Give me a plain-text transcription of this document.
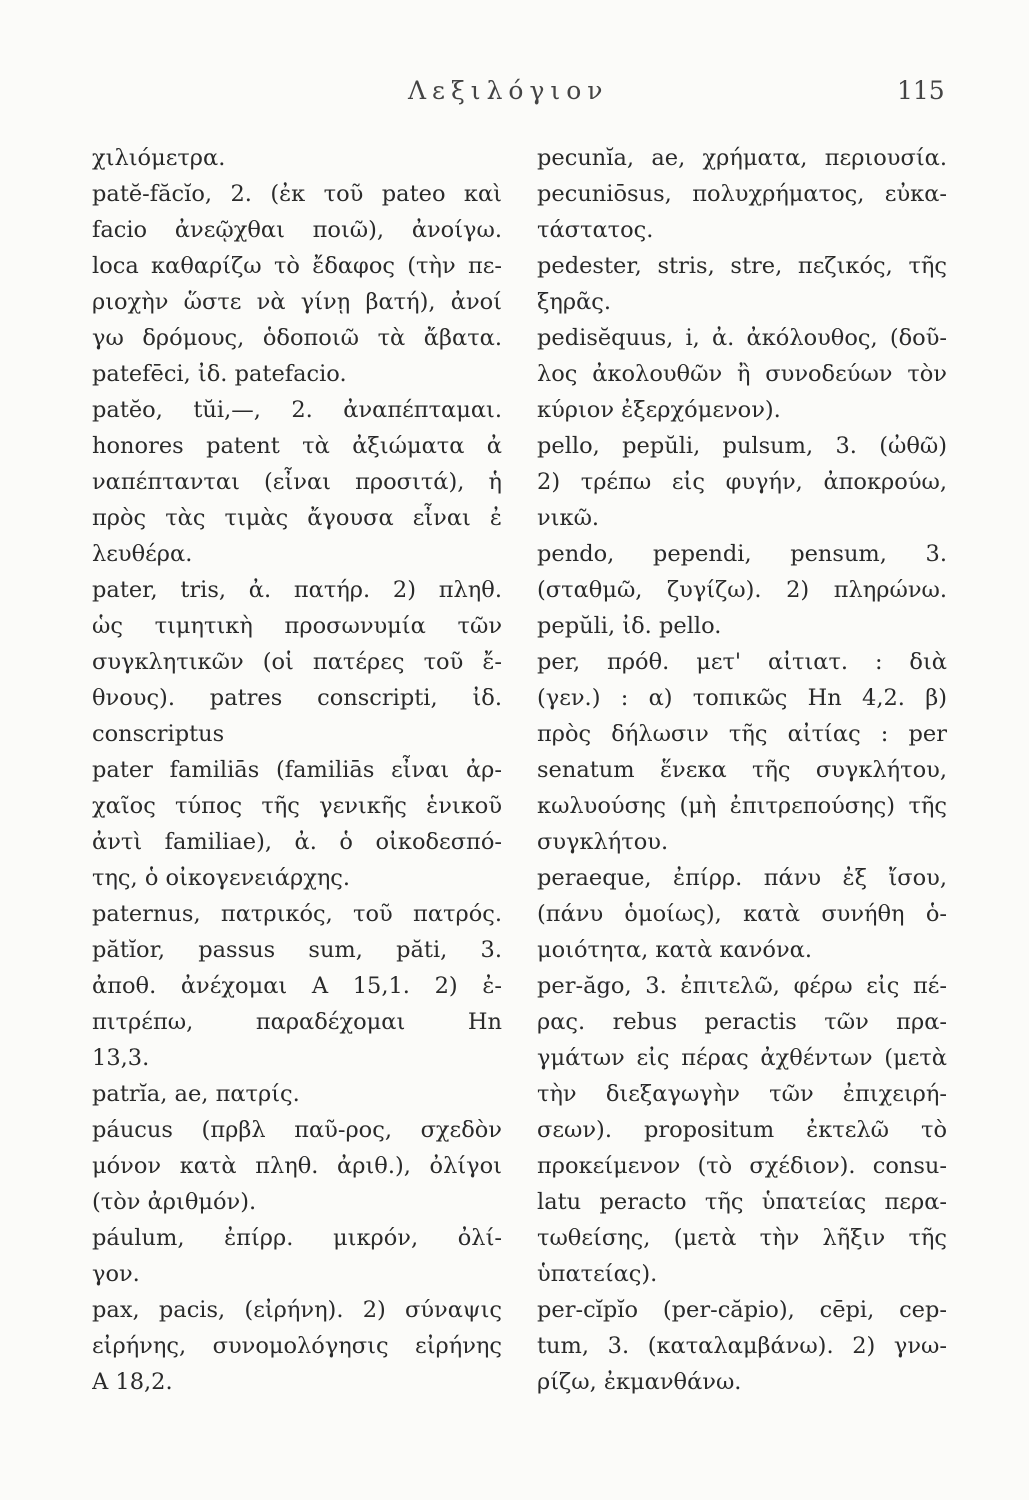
Λεξιλόγιον	115
χιλιόμετρα.
patĕ-făcĭo, 2. (ἐκ τοῦ pateo καὶ
facio ἀνεῷχθαι ποιῶ), ἀνοίγω.
loca καθαρίζω τὸ ἔδαφος (τὴν πε-
ριοχὴν ὥστε νὰ γίνῃ βατή), ἀνοί
γω δρόμους, ὁδοποιῶ τὰ ἄβατα.
patefēci, ἰδ. patefacio.
patĕo, tŭi,—, 2. ἀναπέπταμαι.
honores patent τὰ ἀξιώματα ἀ
ναπέπτανται (εἶναι προσιτά), ἡ
πρὸς τὰς τιμὰς ἄγουσα εἶναι ἐ
λευθέρα.
pater, tris, ἀ. πατήρ. 2) πληθ.
ὡς τιμητικὴ προσωνυμία τῶν
συγκλητικῶν (οἱ πατέρες τοῦ ἔ-
θνους). patres conscripti, ἰδ.
conscriptus
pater familiās (familiās εἶναι ἀρ-
χαῖος τύπος τῆς γενικῆς ἑνικοῦ
ἀντὶ familiae), ἀ. ὁ οἰκοδεσπό-
της, ὁ οἰκογενειάρχης.
paternus, πατρικός, τοῦ πατρός.
pătĭor, passus sum, păti, 3.
ἀποθ. ἀνέχομαι Α 15,1. 2) ἐ-
πιτρέπω, παραδέχομαι Hn
13,3.
patrĭa, ae, πατρίς.
páucus (πρβλ παῦ-ρος, σχεδὸν
μόνον κατὰ πληθ. ἀριθ.), ὀλίγοι
(τὸν ἀριθμόν).
páulum, ἐπίρρ. μικρόν, ὀλί-
γον.
pax, pacis, (εἰρήνη). 2) σύναψις
εἰρήνης, συνομολόγησις εἰρήνης
Α 18,2.
pecunĭa, ae, χρήματα, περιουσία.
pecuniōsus, πολυχρήματος, εὐκα-
τάστατος.
pedester, stris, stre, πεζικός, τῆς
ξηρᾶς.
pedisĕquus, i, ἀ. ἀκόλουθος, (δοῦ-
λος ἀκολουθῶν ἢ συνοδεύων τὸν
κύριον ἐξερχόμενον).
pello, pepŭli, pulsum, 3. (ὠθῶ)
2) τρέπω εἰς φυγήν, ἀποκρούω,
νικῶ.
pendo, pependi, pensum, 3.
(σταθμῶ, ζυγίζω). 2) πληρώνω.
pepŭli, ἰδ. pello.
per, πρόθ. μετ' αἰτιατ. : διὰ
(γεν.) : α) τοπικῶς Hn 4,2. β)
πρὸς δήλωσιν τῆς αἰτίας : per
senatum ἕνεκα τῆς συγκλήτου,
κωλυούσης (μὴ ἐπιτρεπούσης) τῆς
συγκλήτου.
peraeque, ἐπίρρ. πάνυ ἐξ ἴσου,
(πάνυ ὁμοίως), κατὰ συνήθη ὁ-
μοιότητα, κατὰ κανόνα.
per-ăgo, 3. ἐπιτελῶ, φέρω εἰς πέ-
ρας. rebus peractis τῶν πρα-
γμάτων εἰς πέρας ἀχθέντων (μετὰ
τὴν διεξαγωγὴν τῶν ἐπιχειρή-
σεων). propositum ἐκτελῶ τὸ
προκείμενον (τὸ σχέδιον). consu-
latu peracto τῆς ὑπατείας περα-
τωθείσης, (μετὰ τὴν λῆξιν τῆς
ὑπατείας).
per-cĭpĭo (per-căpio), cēpi, cep-
tum, 3. (καταλαμβάνω). 2) γνω-
ρίζω, ἐκμανθάνω.
